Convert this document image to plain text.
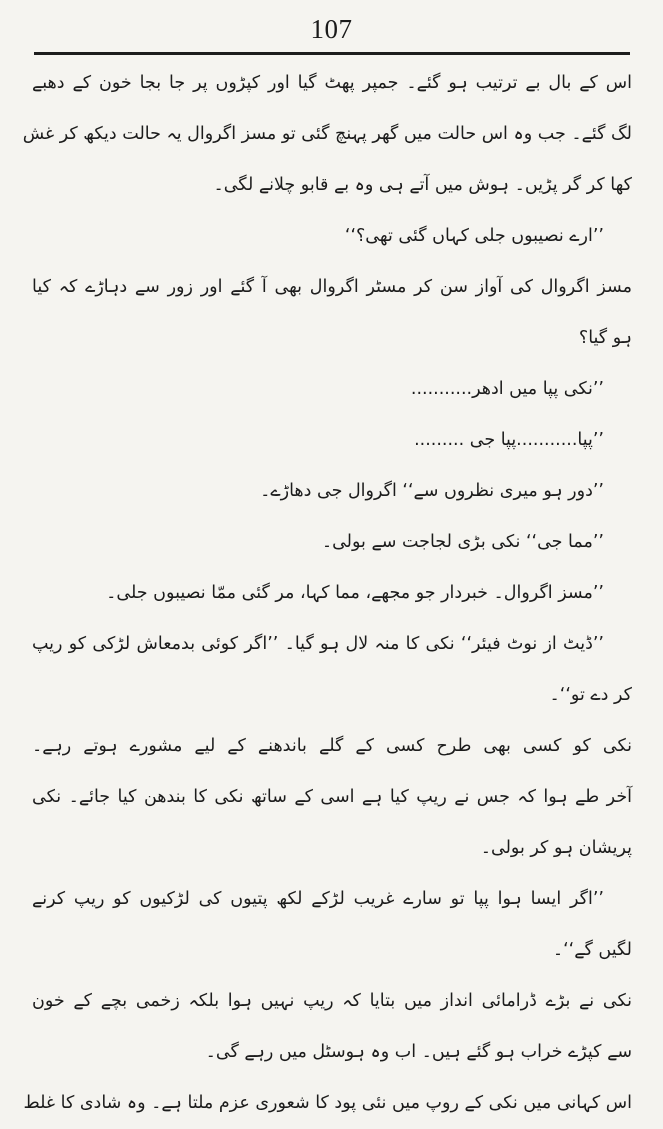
107
اس کے بال بے ترتیب ہو گئے۔ جمپر پھٹ گیا اور کپڑوں پر جا بجا خون کے دھبے
لگ گئے۔ جب وہ اس حالت میں گھر پہنچ گئی تو مسز اگروال یہ حالت دیکھ کر غش
کھا کر گر پڑیں۔ ہوش میں آتے ہی وہ بے قابو چلانے لگی۔
’’ارے نصیبوں جلی کہاں گئی تھی؟‘‘
مسز اگروال کی آواز سن کر مسٹر اگروال بھی آ گئے اور زور سے دہاڑے کہ کیا
ہو گیا؟
’’نکی پپا میں ادھر...........
’’پپا...........پپا جی .........
’’دور ہو میری نظروں سے‘‘ اگروال جی دھاڑے۔
’’مما جی‘‘ نکی بڑی لجاجت سے بولی۔
’’مسز اگروال۔ خبردار جو مجھے، مما کہا، مر گئی ممّا نصیبوں جلی۔
’’ڈیٹ از نوٹ فیئر‘‘ نکی کا منہ لال ہو گیا۔ ’’اگر کوئی بدمعاش لڑکی کو ریپ
کر دے تو‘‘۔
نکی کو کسی بھی طرح کسی کے گلے باندھنے کے لیے مشورے ہوتے رہے۔
آخر طے ہوا کہ جس نے ریپ کیا ہے اسی کے ساتھ نکی کا بندھن کیا جائے۔ نکی
پریشان ہو کر بولی۔
’’اگر ایسا ہوا پپا تو سارے غریب لڑکے لکھ پتیوں کی لڑکیوں کو ریپ کرنے
لگیں گے‘‘۔
نکی نے بڑے ڈرامائی انداز میں بتایا کہ ریپ نہیں ہوا بلکہ زخمی بچے کے خون
سے کپڑے خراب ہو گئے ہیں۔ اب وہ ہوسٹل میں رہے گی۔
اس کہانی میں نکی کے روپ میں نئی پود کا شعوری عزم ملتا ہے۔ وہ شادی کا غلط
